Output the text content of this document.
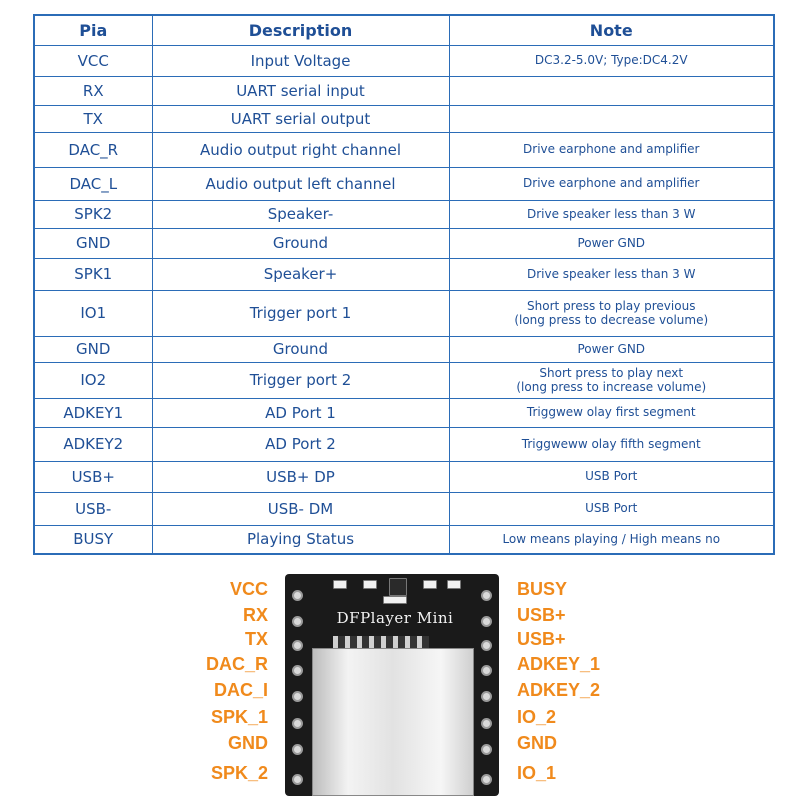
Pia	Description	Note
VCC	Input Voltage	DC3.2-5.0V; Type:DC4.2V

RX	UART serial input	
TX	UART serial output	
DAC_R	Audio output right channel	Drive earphone and amplifier

DAC_L	Audio output left channel	Drive earphone and amplifier

SPK2	Speaker-	Drive speaker less than 3 W

GND	Ground	Power GND

SPK1	Speaker+	Drive speaker less than 3 W

IO1	Trigger port 1	Short press to play previous
(long press to decrease volume)

GND	Ground	Power GND

IO2	Trigger port 2	Short press to play next
(long press to increase volume)

ADKEY1	AD Port 1	Triggwew olay first segment

ADKEY2	AD Port 2	Triggweww olay fifth segment

USB+	USB+ DP	USB Port

USB-	USB- DM	USB Port

BUSY	Playing Status	Low means playing / High means no
VCC
RX
TX
DAC_R
DAC_I
SPK_1
GND
SPK_2
DFPlayer Mini
BUSY
USB+
USB+
ADKEY_1
ADKEY_2
IO_2
GND
IO_1
